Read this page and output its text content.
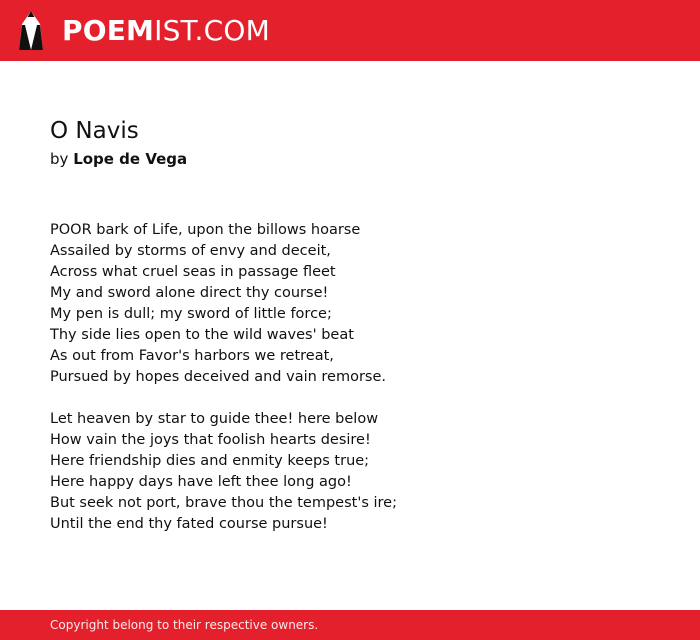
POEMIST.COM
O Navis
by Lope de Vega
POOR bark of Life, upon the billows hoarse
Assailed by storms of envy and deceit,
Across what cruel seas in passage fleet
My and sword alone direct thy course!
My pen is dull; my sword of little force;
Thy side lies open to the wild waves' beat
As out from Favor's harbors we retreat,
Pursued by hopes deceived and vain remorse.
Let heaven by star to guide thee! here below
How vain the joys that foolish hearts desire!
Here friendship dies and enmity keeps true;
Here happy days have left thee long ago!
But seek not port, brave thou the tempest's ire;
Until the end thy fated course pursue!
Copyright belong to their respective owners.
